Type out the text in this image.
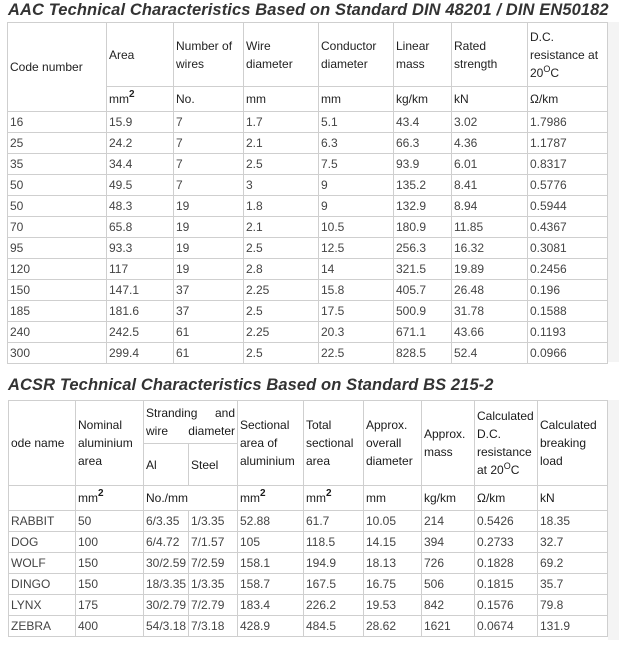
AAC Technical Characteristics Based on Standard DIN 48201 / DIN EN50182
Code number	Area	Number of wires	Wire diameter	Conductor diameter	Linear mass	Rated strength	D.C. resistance at
$20^OC$
	$mm^2$	No.	mm	mm	kg/km	kN	Ω/km
16	15.9	7	1.7	5.1	43.4	3.02	1.7986
25	24.2	7	2.1	6.3	66.3	4.36	1.1787
35	34.4	7	2.5	7.5	93.9	6.01	0.8317
50	49.5	7	3	9	135.2	8.41	0.5776
50	48.3	19	1.8	9	132.9	8.94	0.5944
70	65.8	19	2.1	10.5	180.9	11.85	0.4367
95	93.3	19	2.5	12.5	256.3	16.32	0.3081
120	117	19	2.8	14	321.5	19.89	0.2456
150	147.1	37	2.25	15.8	405.7	26.48	0.196
185	181.6	37	2.5	17.5	500.9	31.78	0.1588
240	242.5	61	2.25	20.3	671.1	43.66	0.1193
300	299.4	61	2.5	22.5	828.5	52.4	0.0966
ACSR Technical Characteristics Based on Standard BS 215-2
ode name	Nominal aluminium area	Stranding and wire diameter		Sectional area of aluminium	Total sectional area	Approx. overall diameter	Approx. mass	Calculated D.C. resistance at $20^OC$	Calculated breaking load
		Al	Steel						
	$mm^2$	No./mm		$mm^2$	$mm^2$	mm	kg/km	Ω/km	kN
RABBIT	50	6/3.35	1/3.35	52.88	61.7	10.05	214	0.5426	18.35
DOG	100	6/4.72	7/1.57	105	118.5	14.15	394	0.2733	32.7
WOLF	150	30/2.59	7/2.59	158.1	194.9	18.13	726	0.1828	69.2
DINGO	150	18/3.35	1/3.35	158.7	167.5	16.75	506	0.1815	35.7
LYNX	175	30/2.79	7/2.79	183.4	226.2	19.53	842	0.1576	79.8
ZEBRA	400	54/3.18	7/3.18	428.9	484.5	28.62	1621	0.0674	131.9
